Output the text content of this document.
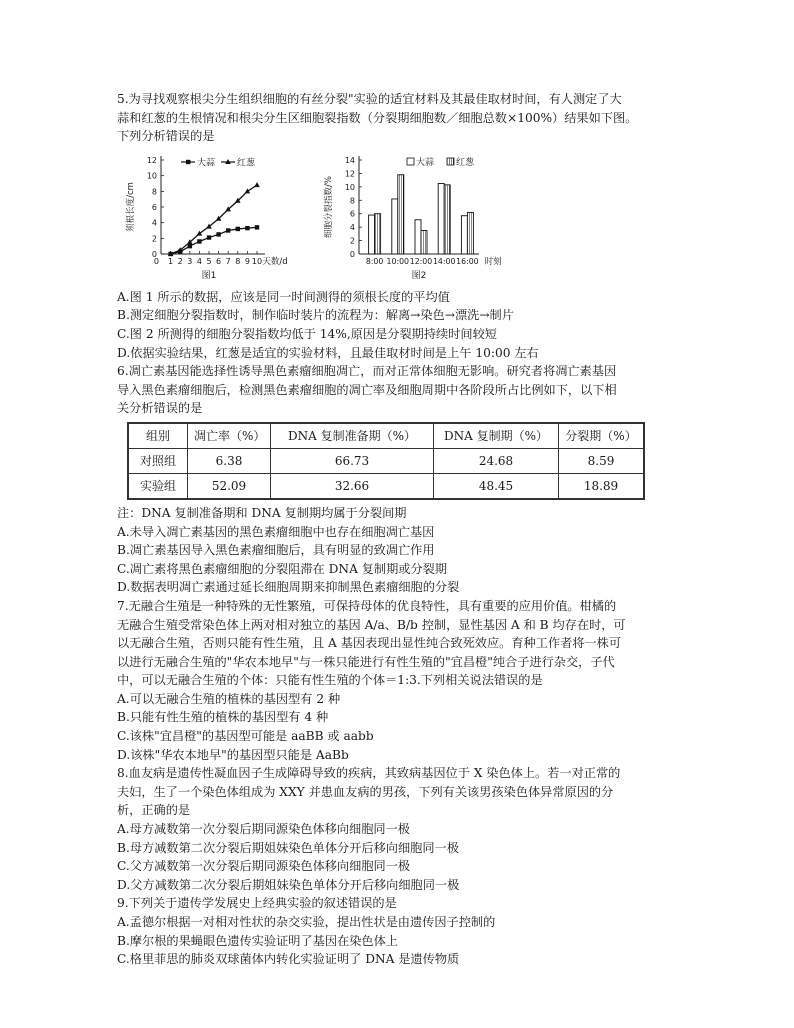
5.为寻找观察根尖分生组织细胞的有丝分裂"实验的适宜材料及其最佳取材时间，有人测定了大
蒜和红葱的生根情况和根尖分生区细胞裂指数（分裂期细胞数／细胞总数×100%）结果如下图。
下列分析错误的是
0
2
4
6
8
10
12
1 2 3 4 5 6 7 8 9 10
0	天数/d
须根长度/cm
图1
大蒜 红葱
0
2
4
6
8
10
12
14
8:00 10:00 12:00 14:00 16:00 时刻
细胞分裂指数/%
图2
大蒜 红葱
A.图 1 所示的数据，应该是同一时间测得的须根长度的平均值
B.测定细胞分裂指数时，制作临时装片的流程为：解离→染色→漂洗→制片
C.图 2 所测得的细胞分裂指数均低于 14%,原因是分裂期持续时间较短
D.依据实验结果，红葱是适宜的实验材料，且最佳取材时间是上午 10:00 左右
6.凋亡素基因能选择性诱导黑色素瘤细胞凋亡，而对正常体细胞无影响。研究者将凋亡素基因
导入黑色素瘤细胞后，检测黑色素瘤细胞的凋亡率及细胞周期中各阶段所占比例如下，以下相
关分析错误的是
组别	凋亡率（%）	DNA 复制准备期（%）	DNA 复制期（%）	分裂期（%）
对照组	6.38	66.73	24.68	8.59
实验组	52.09	32.66	48.45	18.89
注：DNA 复制准备期和 DNA 复制期均属于分裂间期
A.未导入凋亡素基因的黑色素瘤细胞中也存在细胞凋亡基因
B.凋亡素基因导入黑色素瘤细胞后，具有明显的致凋亡作用
C.凋亡素将黑色素瘤细胞的分裂阻滞在 DNA 复制期或分裂期
D.数据表明凋亡素通过延长细胞周期来抑制黑色素瘤细胞的分裂
7.无融合生殖是一种特殊的无性繁殖，可保持母体的优良特性，具有重要的应用价值。柑橘的
无融合生殖受常染色体上两对相对独立的基因 A/a、B/b 控制，显性基因 A 和 B 均存在时，可
以无融合生殖，否则只能有性生殖，且 A 基因表现出显性纯合致死效应。育种工作者将一株可
以进行无融合生殖的"华农本地早"与一株只能进行有性生殖的"宜昌橙"纯合子进行杂交，子代
中，可以无融合生殖的个体：只能有性生殖的个体＝1:3.下列相关说法错误的是
A.可以无融合生殖的植株的基因型有 2 种
B.只能有性生殖的植株的基因型有 4 种
C.该株"宜昌橙"的基因型可能是 aaBB 或 aabb
D.该株"华农本地早"的基因型只能是 AaBb
8.血友病是遗传性凝血因子生成障碍导致的疾病，其致病基因位于 X 染色体上。若一对正常的
夫妇，生了一个染色体组成为 XXY 并患血友病的男孩，下列有关该男孩染色体异常原因的分
析，正确的是
A.母方减数第一次分裂后期同源染色体移向细胞同一极
B.母方减数第二次分裂后期姐妹染色单体分开后移向细胞同一极
C.父方减数第一次分裂后期同源染色体移向细胞同一极
D.父方减数第二次分裂后期姐妹染色单体分开后移向细胞同一极
9.下列关于遗传学发展史上经典实验的叙述错误的是
A.孟德尔根据一对相对性状的杂交实验，提出性状是由遗传因子控制的
B.摩尔根的果蝇眼色遗传实验证明了基因在染色体上
C.格里菲思的肺炎双球菌体内转化实验证明了 DNA 是遗传物质
